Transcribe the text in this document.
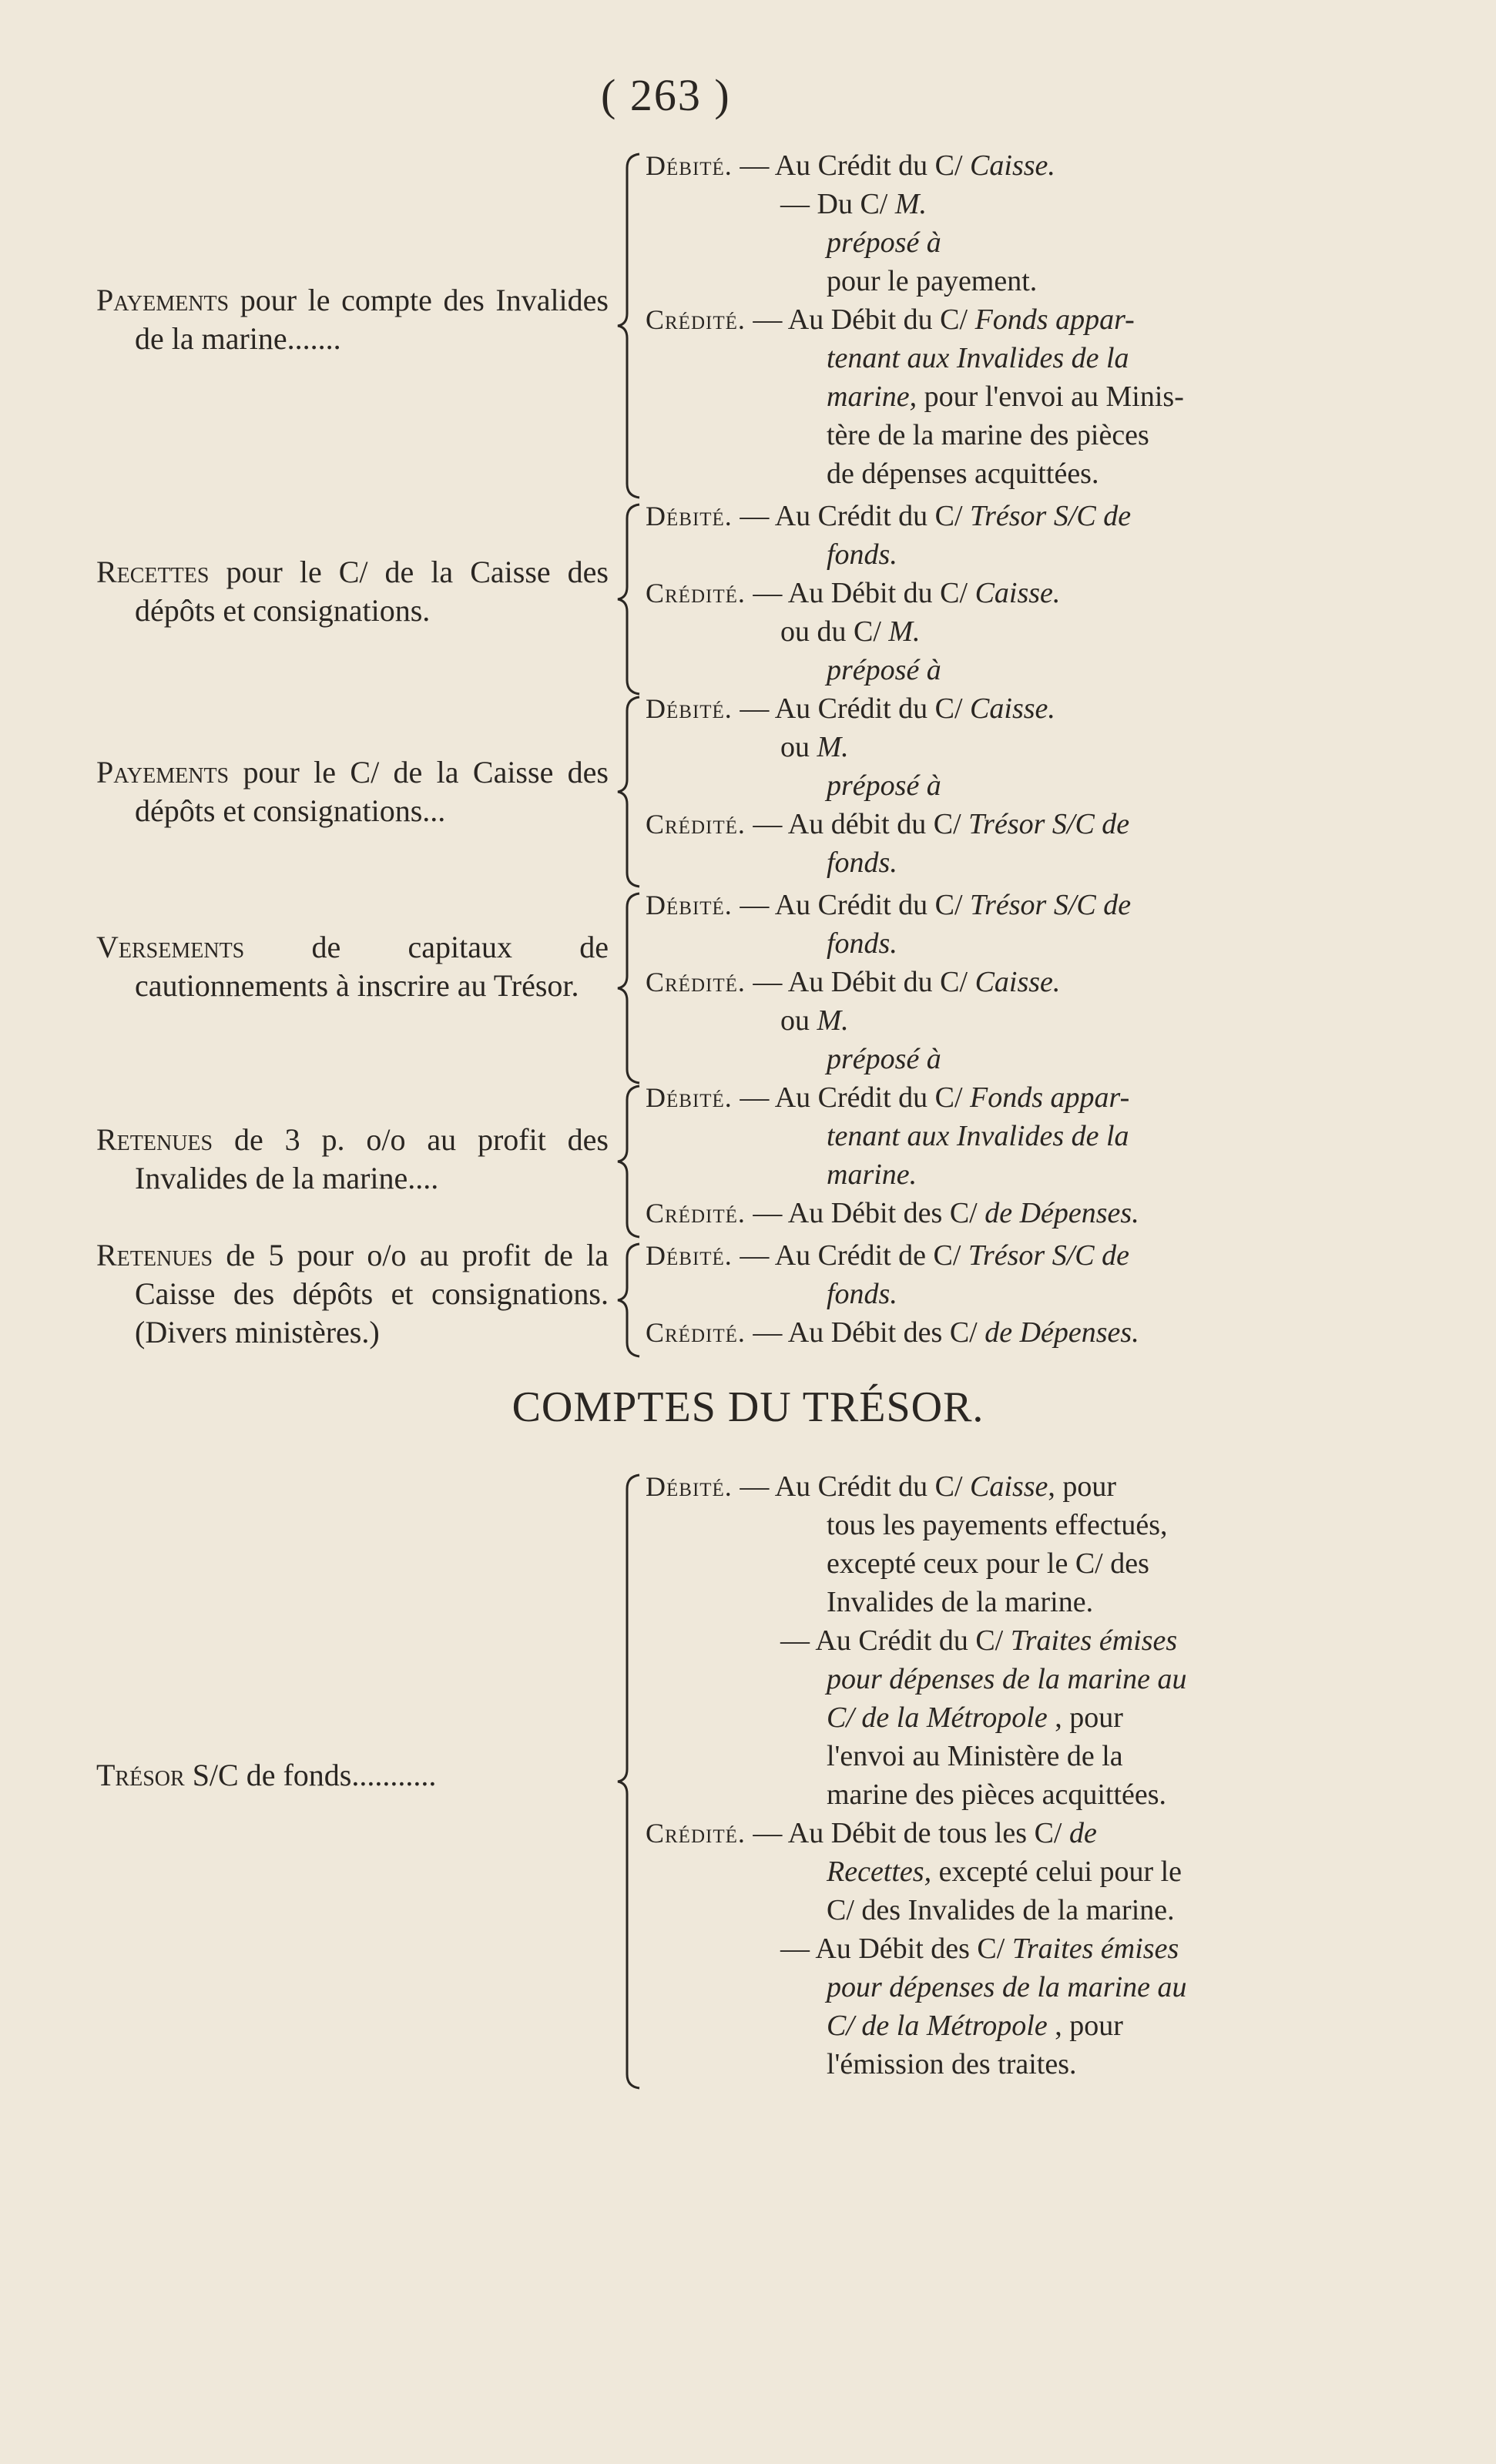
( 263 )
COMPTES DU TRÉSOR.
Payements pour le compte des Invalides de la marine.......
Débité. — Au Crédit du C/ Caisse.
— Du C/ M.
préposé à
pour le payement.
Crédité. — Au Débit du C/ Fonds appar-
tenant aux Invalides de la
marine, pour l'envoi au Minis-
tère de la marine des pièces
de dépenses acquittées.
Recettes pour le C/ de la Caisse des dépôts et consignations.
Débité. — Au Crédit du C/ Trésor S/C de
fonds.
Crédité. — Au Débit du C/ Caisse.
ou du C/ M.
préposé à
Payements pour le C/ de la Caisse des dépôts et consignations...
Débité. — Au Crédit du C/ Caisse.
ou M.
préposé à
Crédité. — Au débit du C/ Trésor S/C de
fonds.
Versements de capitaux de cautionnements à inscrire au Trésor.
Débité. — Au Crédit du C/ Trésor S/C de
fonds.
Crédité. — Au Débit du C/ Caisse.
ou M.
préposé à
Retenues de 3 p. o/o au profit des Invalides de la marine....
Débité. — Au Crédit du C/ Fonds appar-
tenant aux Invalides de la
marine.
Crédité. — Au Débit des C/ de Dépenses.
Retenues de 5 pour o/o au profit de la Caisse des dépôts et consignations. (Divers ministères.)
Débité. — Au Crédit de C/ Trésor S/C de
fonds.
Crédité. — Au Débit des C/ de Dépenses.
Trésor S/C de fonds...........
Débité. — Au Crédit du C/ Caisse, pour
tous les payements effectués,
excepté ceux pour le C/ des
Invalides de la marine.
— Au Crédit du C/ Traites émises
pour dépenses de la marine au
C/ de la Métropole , pour
l'envoi au Ministère de la
marine des pièces acquittées.
Crédité. — Au Débit de tous les C/ de
Recettes, excepté celui pour le
C/ des Invalides de la marine.
— Au Débit des C/ Traites émises
pour dépenses de la marine au
C/ de la Métropole , pour
l'émission des traites.
